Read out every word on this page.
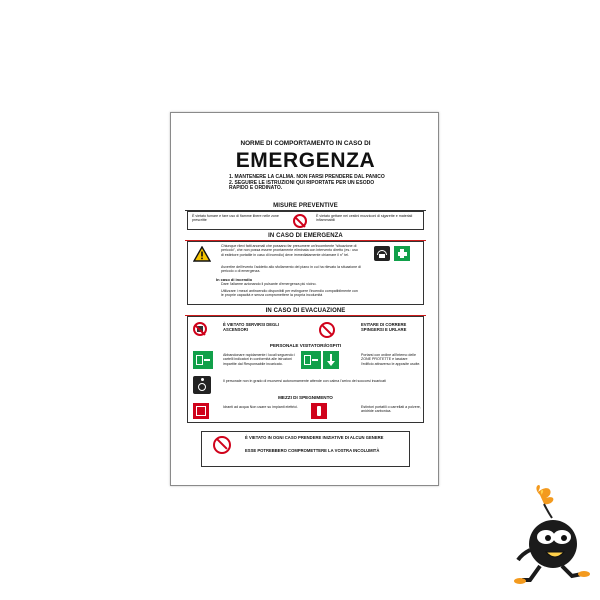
NORME DI COMPORTAMENTO IN CASO DI
EMERGENZA
1. MANTENERE LA CALMA. NON FARSI PRENDERE DAL PANICO
2. SEGUIRE LE ISTRUZIONI QUI RIPORTATE PER UN ESODO RAPIDO E ORDINATO.
MISURE PREVENTIVE
È vietato fumare e fare uso di fiamme libere nelle zone prescritte
È vietato gettare nei cestini mozziconi di sigarette e materiali infiammabili
IN CASO DI EMERGENZA
Chiunque rilevi fatti anomali che possano far presumere un'incombente "situazione di pericolo", che non possa essere prontamente eliminata con intervento diretto (es.: uso di estintore portatile in caso di incendio) deve immediatamente chiamare il n° tel.
Avvertire dell'evento l'addetto allo sfollamento del piano in cui ha rilevato la situazione di pericolo o di emergenza.
In caso di incendio
Dare l'allarme azionando il pulsante d'emergenza più vicino.
Utilizzare i mezzi antincendio disponibili per estinguere l'incendio compatibilmente con le proprie capacità e senza compromettere la propria incolumità
IN CASO DI EVACUAZIONE
È VIETATO SERVIRSI DEGLI ASCENSORI
EVITARE DI CORRERE SPINGERSI E URLARE
PERSONALE VISITATORI/OSPITI
Abbandonare rapidamente i locali seguendo i cartelli indicatori in conformità alle istruzioni impartite dal Responsabile incaricato.
Portarsi con ordine all'interno delle ZONE PROTETTE e lasciare l'edificio attraverso le apposite uscite.
Il personale non in grado di muoversi autonomamente attende con calma l'arrivo dei soccorsi incaricati
MEZZI DI SPEGNIMENTO
Idranti ad acqua Non usare su impianti elettrici.	Estintori portatili o carrellati a polvere, anidride carbonica.
È VIETATO IN OGNI CASO PRENDERE INIZIATIVE DI ALCUN GENERE
ESSE POTREBBERO COMPROMETTERE LA VOSTRA INCOLUMITÀ
